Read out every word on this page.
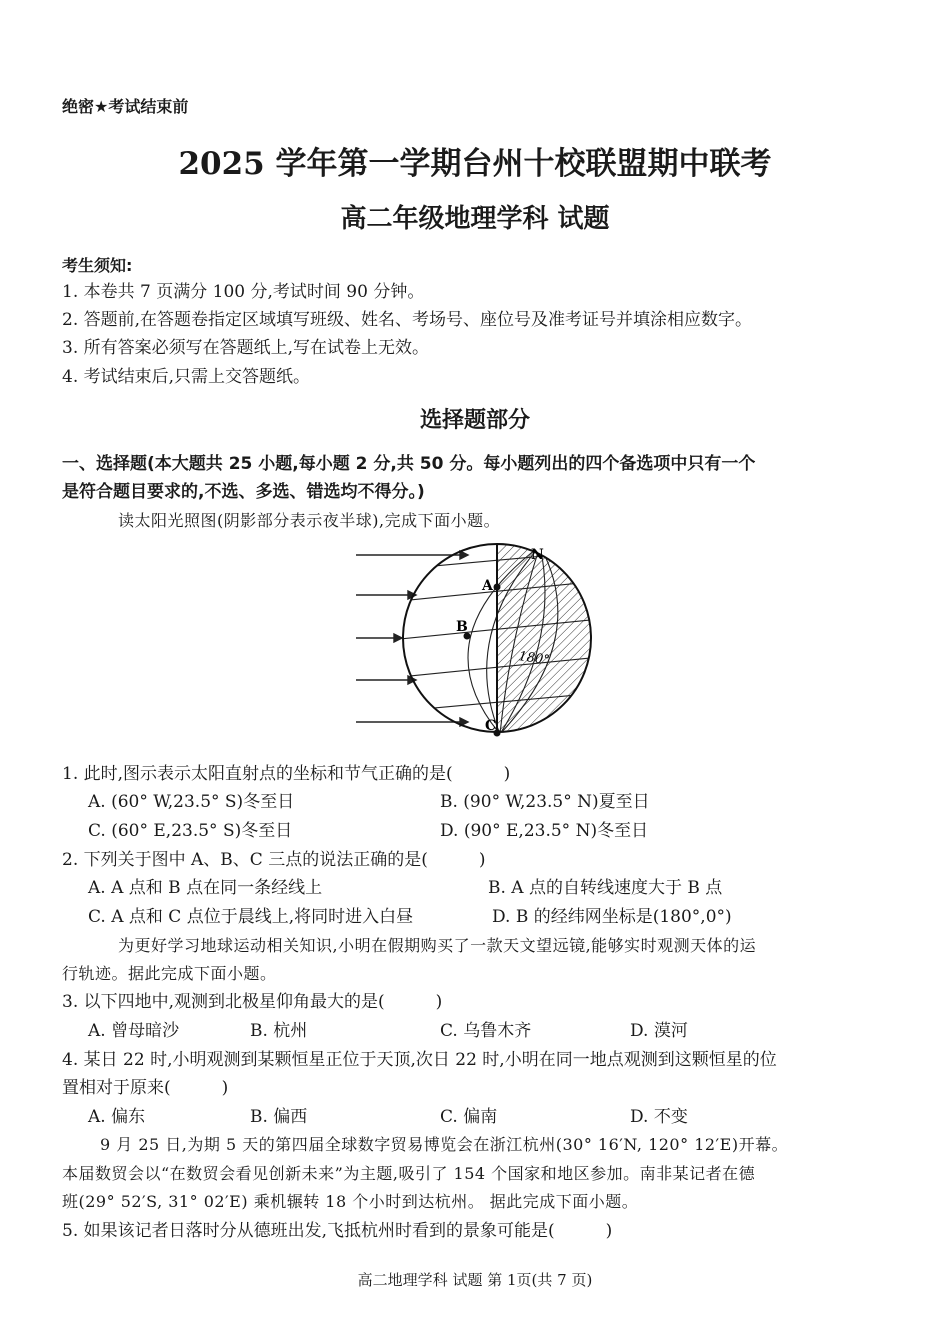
绝密★考试结束前
2025 学年第一学期台州十校联盟期中联考
高二年级地理学科 试题
考生须知:
1. 本卷共 7 页满分 100 分,考试时间 90 分钟。
2. 答题前,在答题卷指定区域填写班级、姓名、考场号、座位号及准考证号并填涂相应数字。
3. 所有答案必须写在答题纸上,写在试卷上无效。
4. 考试结束后,只需上交答题纸。
选择题部分
一、选择题(本大题共 25 小题,每小题 2 分,共 50 分。每小题列出的四个备选项中只有一个
是符合题目要求的,不选、多选、错选均不得分。)
读太阳光照图(阴影部分表示夜半球),完成下面小题。
N
A
B
C
180°
1. 此时,图示表示太阳直射点的坐标和节气正确的是(　　　)
A. (60° W,23.5° S)冬至日	B. (90° W,23.5° N)夏至日
C. (60° E,23.5° S)冬至日	D. (90° E,23.5° N)冬至日
2. 下列关于图中 A、B、C 三点的说法正确的是(　　　)
A. A 点和 B 点在同一条经线上	B. A 点的自转线速度大于 B 点
C. A 点和 C 点位于晨线上,将同时进入白昼	D. B 的经纬网坐标是(180°,0°)
为更好学习地球运动相关知识,小明在假期购买了一款天文望远镜,能够实时观测天体的运
行轨迹。据此完成下面小题。
3. 以下四地中,观测到北极星仰角最大的是(　　　)
A. 曾母暗沙	B. 杭州	C. 乌鲁木齐	D. 漠河
4. 某日 22 时,小明观测到某颗恒星正位于天顶,次日 22 时,小明在同一地点观测到这颗恒星的位
置相对于原来(　　　)
A. 偏东	B. 偏西	C. 偏南	D. 不变
9 月 25 日,为期 5 天的第四届全球数字贸易博览会在浙江杭州(30° 16′N, 120° 12′E)开幕。
本届数贸会以“在数贸会看见创新未来”为主题,吸引了 154 个国家和地区参加。南非某记者在德
班(29° 52′S, 31° 02′E) 乘机辗转 18 个小时到达杭州。 据此完成下面小题。
5. 如果该记者日落时分从德班出发,飞抵杭州时看到的景象可能是(　　　)
高二地理学科 试题 第 1页(共 7 页)
